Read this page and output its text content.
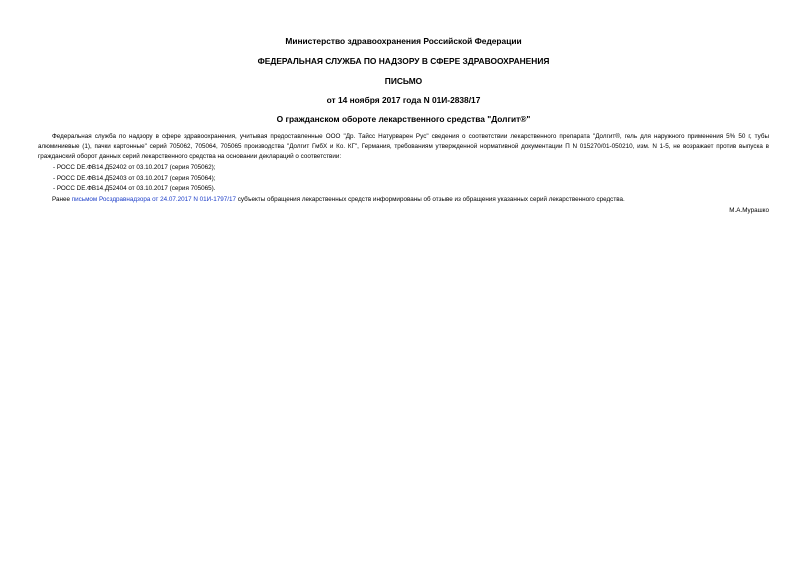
Министерство здравоохранения Российской Федерации
ФЕДЕРАЛЬНАЯ СЛУЖБА ПО НАДЗОРУ В СФЕРЕ ЗДРАВООХРАНЕНИЯ
ПИСЬМО
от 14 ноября 2017 года N 01И-2838/17
О гражданском обороте лекарственного средства "Долгит®"
Федеральная служба по надзору в сфере здравоохранения, учитывая предоставленные ООО "Др. Тайсс Натурварен Рус" сведения о соответствии лекарственного препарата "Долгит®, гель для наружного применения 5% 50 г, тубы алюминиевые (1), пачки картонные" серий 705062, 705064, 705065 производства "Долгит ГмбХ и Ко. КГ", Германия, требованиям утвержденной нормативной документации П N 015270/01-050210, изм. N 1-5, не возражает против выпуска в гражданский оборот данных серий лекарственного средства на основании деклараций о соответствии:
- РОСС DE.ФВ14.Д52402 от 03.10.2017 (серия 705062);
- РОСС DE.ФВ14.Д52403 от 03.10.2017 (серия 705064);
- РОСС DE.ФВ14.Д52404 от 03.10.2017 (серия 705065).
Ранее письмом Росздравнадзора от 24.07.2017 N 01И-1797/17 субъекты обращения лекарственных средств информированы об отзыве из обращения указанных серий лекарственного средства.
М.А.Мурашко
